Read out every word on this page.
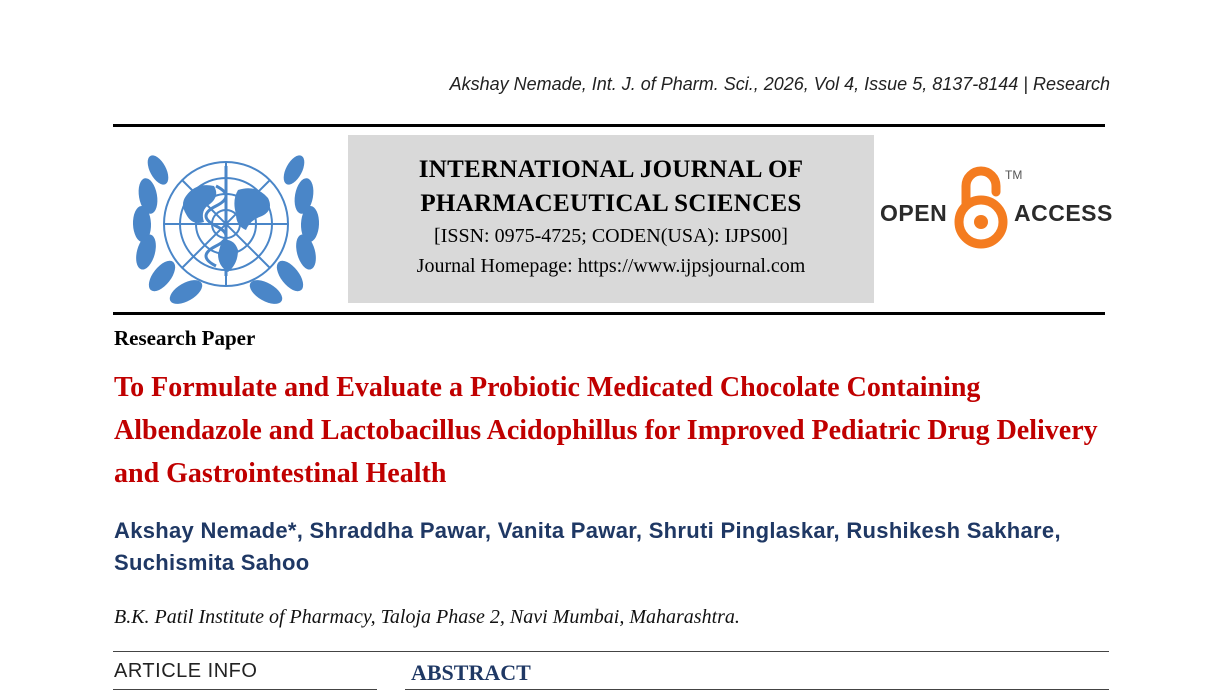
Akshay Nemade, Int. J. of Pharm. Sci., 2026, Vol 4, Issue 5, 8137-8144 | Research
INTERNATIONAL JOURNAL OF
PHARMACEUTICAL SCIENCES
[ISSN: 0975-4725; CODEN(USA): IJPS00]
Journal Homepage: https://www.ijpsjournal.com
OPEN
TM
ACCESS
Research Paper
To Formulate and Evaluate a Probiotic Medicated Chocolate Containing Albendazole and Lactobacillus Acidophillus for Improved Pediatric Drug Delivery and Gastrointestinal Health
Akshay Nemade*, Shraddha Pawar, Vanita Pawar, Shruti Pinglaskar, Rushikesh Sakhare, Suchismita Sahoo
B.K. Patil Institute of Pharmacy, Taloja Phase 2, Navi Mumbai, Maharashtra.
ARTICLE INFO	ABSTRACT
